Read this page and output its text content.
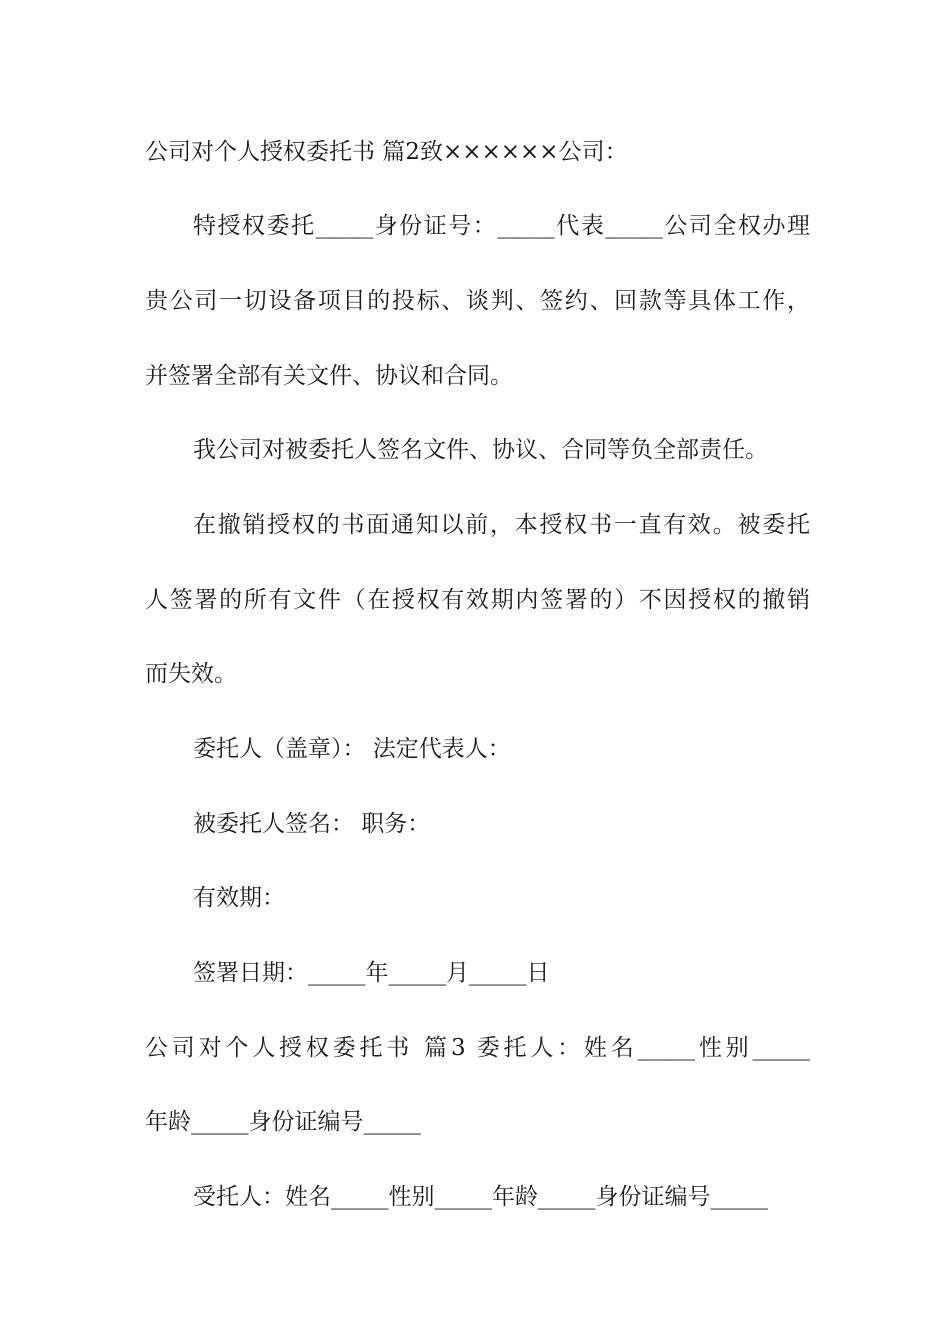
公司对个人授权委托书 篇2致××××××公司：
特授权委托_____身份证号：_____代表_____公司全权办理
贵公司一切设备项目的投标、谈判、签约、回款等具体工作，
并签署全部有关文件、协议和合同。
我公司对被委托人签名文件、协议、合同等负全部责任。
在撤销授权的书面通知以前，本授权书一直有效。被委托
人签署的所有文件（在授权有效期内签署的）不因授权的撤销
而失效。
委托人（盖章）： 法定代表人：
被委托人签名： 职务：
有效期：
签署日期：_____年_____月_____日
公司对个人授权委托书 篇3 委托人：姓名_____性别_____
年龄_____身份证编号_____
受托人：姓名_____性别_____年龄_____身份证编号_____
